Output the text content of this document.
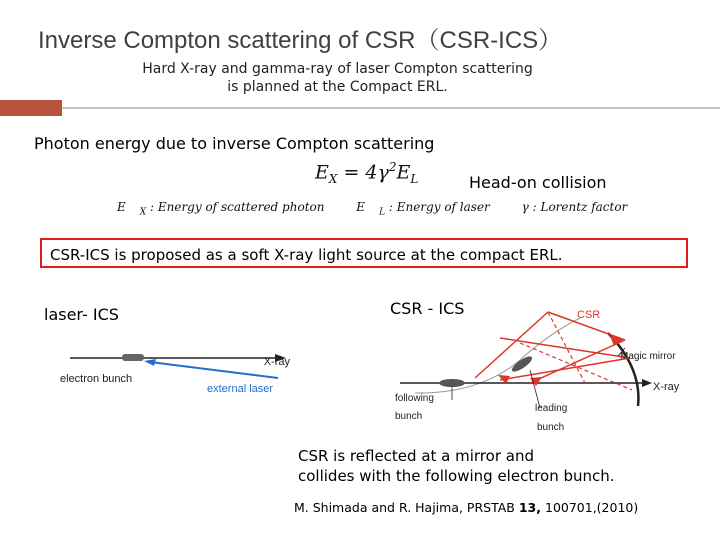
Inverse Compton scattering of CSR（CSR-ICS）
Hard X-ray and gamma-ray of laser Compton scattering
is planned at the Compact ERL.
Photon energy due to inverse Compton scattering
$E_X = 4\gamma^2E_L$	Head-on collision
E $_X$ : Energy of scattered photon	E $_L$ : Energy of laser	γ : Lorentz factor
CSR-ICS is proposed as a soft X-ray light source at the compact ERL.
laser- ICS	CSR - ICS
X-ray
electron bunch
external laser
CSR
Magic mirror
X-ray
following
bunch
leading
bunch
CSR is reflected at a mirror and
collides with the following electron bunch.
M. Shimada and R. Hajima, PRSTAB 13, 100701,(2010)
